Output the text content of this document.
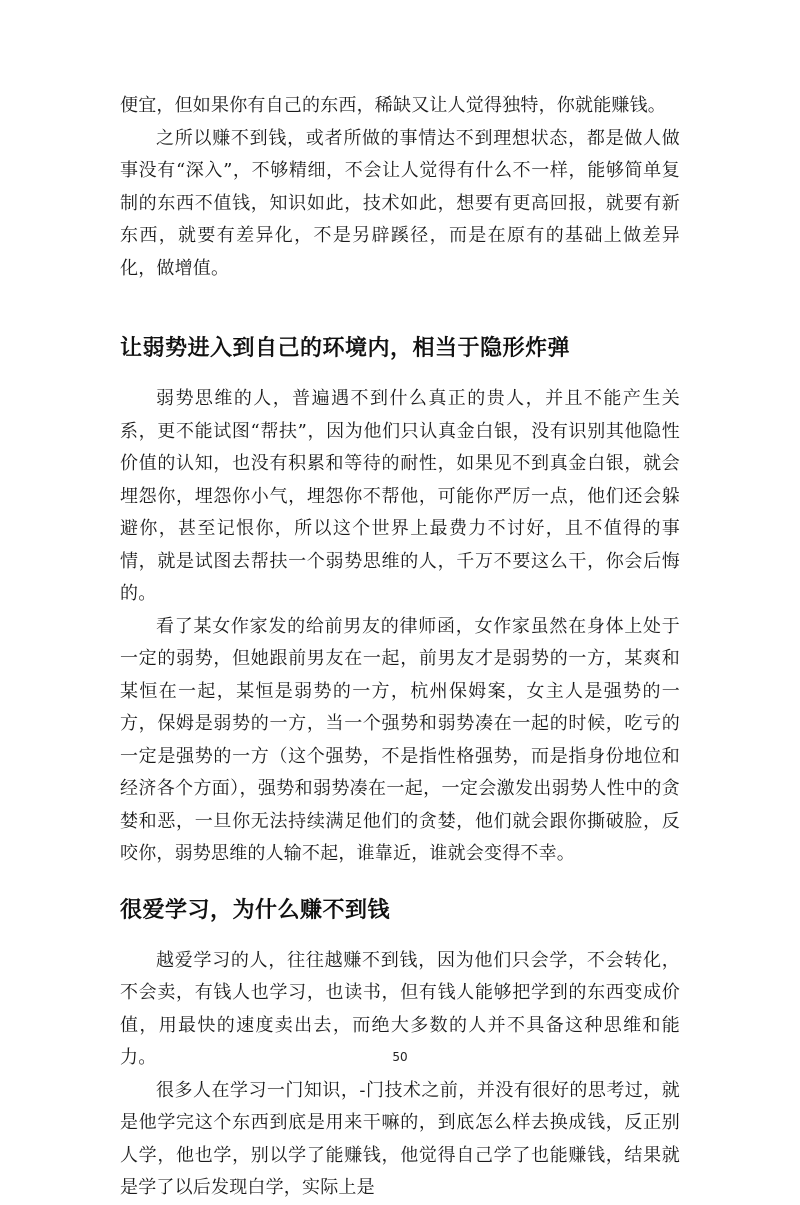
便宜，但如果你有自己的东西，稀缺又让人觉得独特，你就能赚钱。

之所以赚不到钱，或者所做的事情达不到理想状态，都是做人做事没有“深入”，不够精细，不会让人觉得有什么不一样，能够简单复制的东西不值钱，知识如此，技术如此，想要有更高回报，就要有新东西，就要有差异化，不是另辟蹊径，而是在原有的基础上做差异化，做增值。

让弱势进入到自己的环境内，相当于隐形炸弹

弱势思维的人，普遍遇不到什么真正的贵人，并且不能产生关系，更不能试图“帮扶”，因为他们只认真金白银，没有识别其他隐性价值的认知，也没有积累和等待的耐性，如果见不到真金白银，就会埋怨你，埋怨你小气，埋怨你不帮他，可能你严厉一点，他们还会躲避你，甚至记恨你，所以这个世界上最费力不讨好，且不值得的事情，就是试图去帮扶一个弱势思维的人，千万不要这么干，你会后悔的。

看了某女作家发的给前男友的律师函，女作家虽然在身体上处于一定的弱势，但她跟前男友在一起，前男友才是弱势的一方，某爽和某恒在一起，某恒是弱势的一方，杭州保姆案，女主人是强势的一方，保姆是弱势的一方，当一个强势和弱势凑在一起的时候，吃亏的一定是强势的一方（这个强势，不是指性格强势，而是指身份地位和经济各个方面），强势和弱势凑在一起，一定会激发出弱势人性中的贪婪和恶，一旦你无法持续满足他们的贪婪，他们就会跟你撕破脸，反咬你，弱势思维的人输不起，谁靠近，谁就会变得不幸。

很爱学习，为什么赚不到钱

越爱学习的人，往往越赚不到钱，因为他们只会学，不会转化，不会卖，有钱人也学习，也读书，但有钱人能够把学到的东西变成价值，用最快的速度卖出去，而绝大多数的人并不具备这种思维和能力。

很多人在学习一门知识，-门技术之前，并没有很好的思考过，就是他学完这个东西到底是用来干嘛的，到底怎么样去换成钱，反正别人学，他也学，别以学了能赚钱，他觉得自己学了也能赚钱，结果就是学了以后发现白学，实际上是

50
